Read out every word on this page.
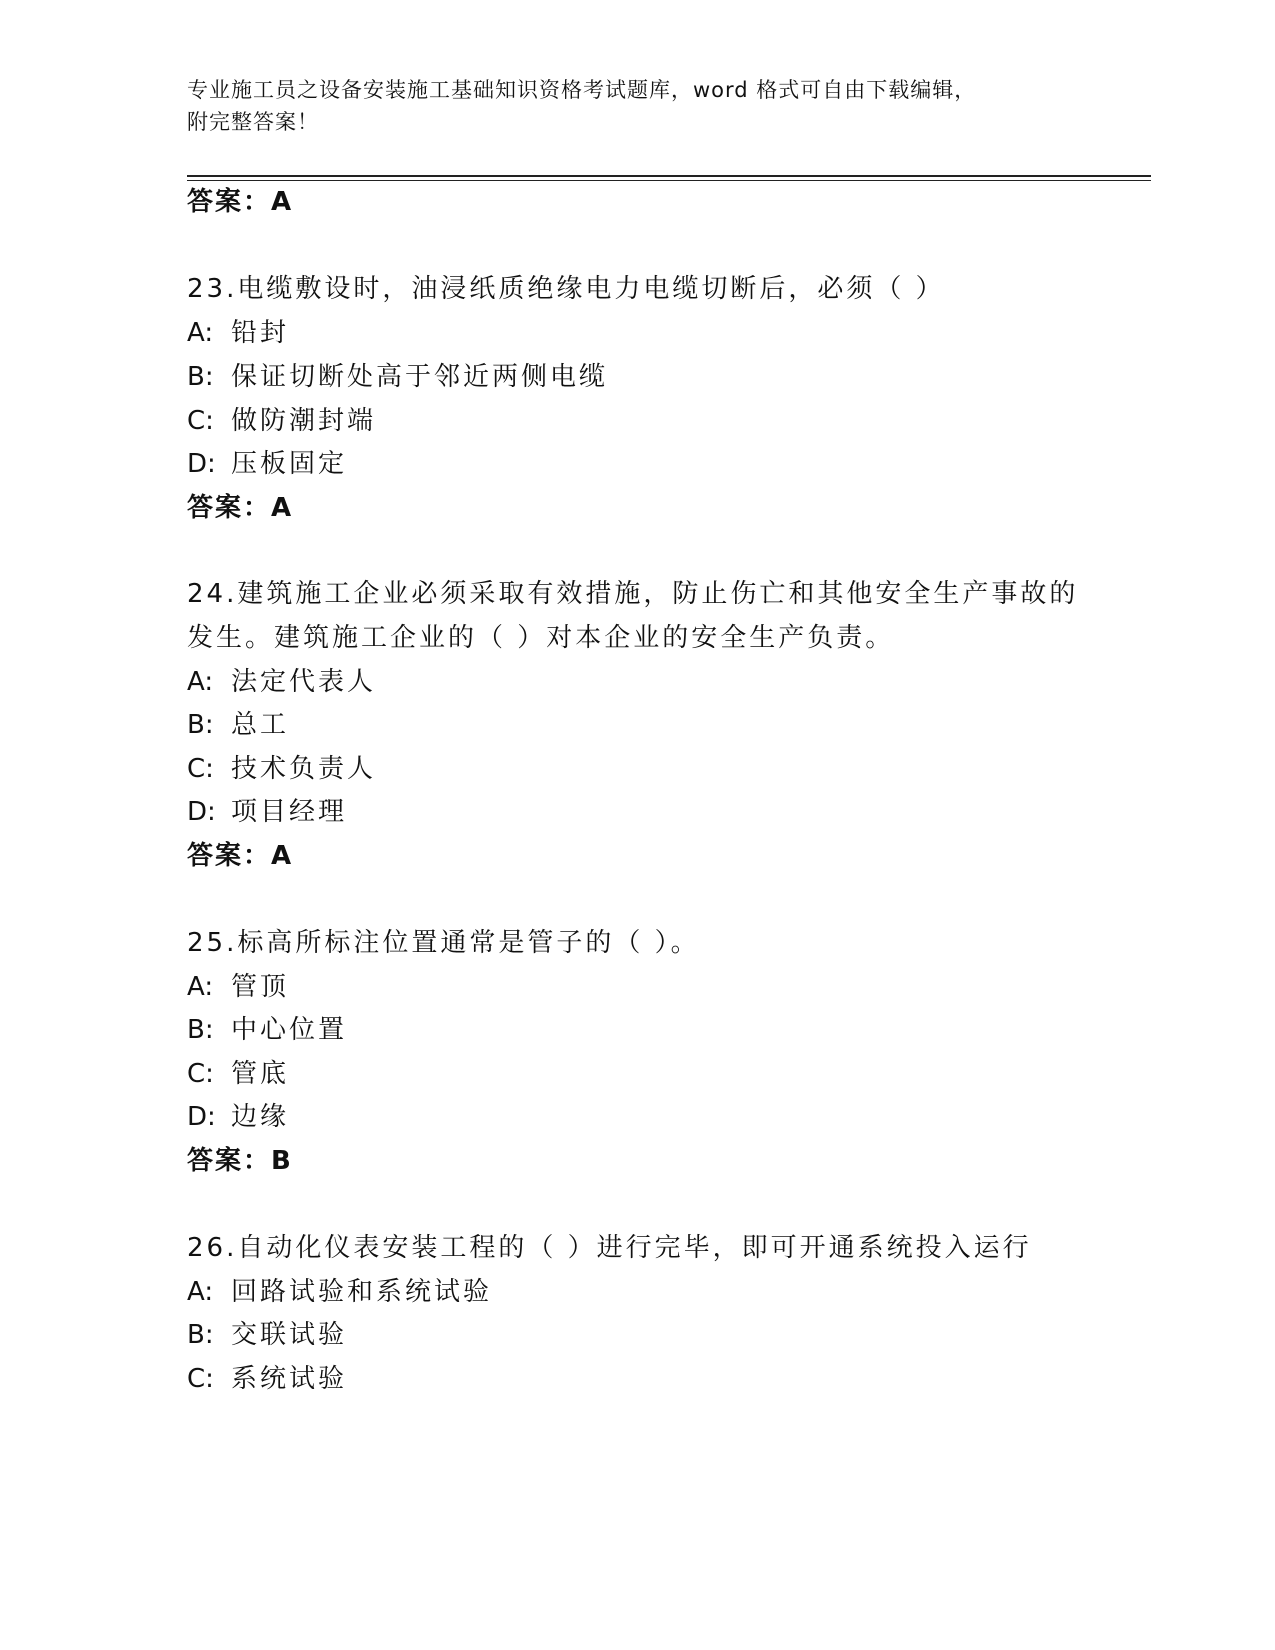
专业施工员之设备安装施工基础知识资格考试题库，word 格式可自由下载编辑，
附完整答案！
答案：A
23.电缆敷设时，油浸纸质绝缘电力电缆切断后，必须（ ）
A: 铅封
B: 保证切断处高于邻近两侧电缆
C: 做防潮封端
D: 压板固定
答案：A
24.建筑施工企业必须采取有效措施，防止伤亡和其他安全生产事故的
发生。建筑施工企业的（ ）对本企业的安全生产负责。
A: 法定代表人
B: 总工
C: 技术负责人
D: 项目经理
答案：A
25.标高所标注位置通常是管子的（ ）。
A: 管顶
B: 中心位置
C: 管底
D: 边缘
答案：B
26.自动化仪表安装工程的（ ）进行完毕，即可开通系统投入运行
A: 回路试验和系统试验
B: 交联试验
C: 系统试验
